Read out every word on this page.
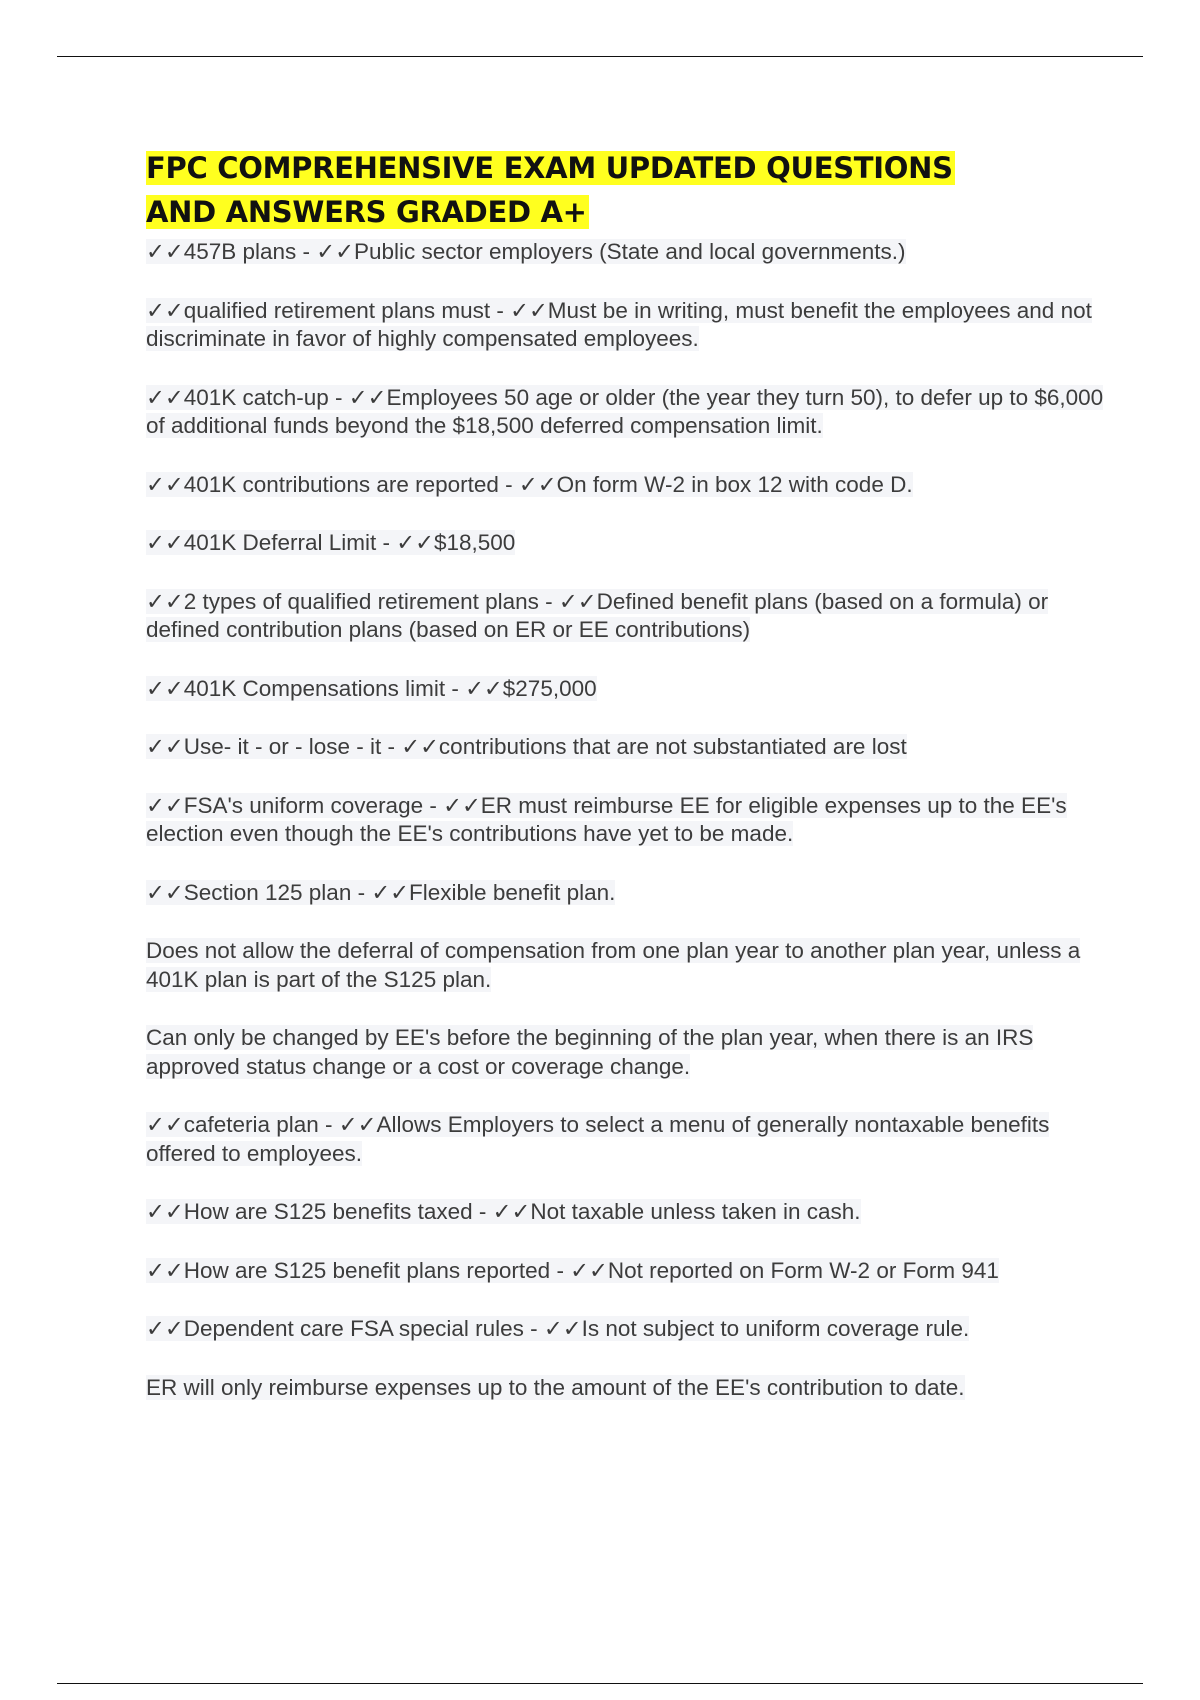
FPC COMPREHENSIVE EXAM UPDATED QUESTIONS
AND ANSWERS GRADED A+

✓✓457B plans - ✓✓Public sector employers (State and local governments.)

✓✓qualified retirement plans must - ✓✓Must be in writing, must benefit the employees and not discriminate in favor of highly compensated employees.

✓✓401K catch-up - ✓✓Employees 50 age or older (the year they turn 50), to defer up to $6,000 of additional funds beyond the $18,500 deferred compensation limit.

✓✓401K contributions are reported - ✓✓On form W-2 in box 12 with code D.

✓✓401K Deferral Limit - ✓✓$18,500

✓✓2 types of qualified retirement plans - ✓✓Defined benefit plans (based on a formula) or defined contribution plans (based on ER or EE contributions)

✓✓401K Compensations limit - ✓✓$275,000

✓✓Use- it - or - lose - it - ✓✓contributions that are not substantiated are lost

✓✓FSA's uniform coverage - ✓✓ER must reimburse EE for eligible expenses up to the EE's election even though the EE's contributions have yet to be made.

✓✓Section 125 plan - ✓✓Flexible benefit plan.

Does not allow the deferral of compensation from one plan year to another plan year, unless a 401K plan is part of the S125 plan.

Can only be changed by EE's before the beginning of the plan year, when there is an IRS approved status change or a cost or coverage change.

✓✓cafeteria plan - ✓✓Allows Employers to select a menu of generally nontaxable benefits offered to employees.

✓✓How are S125 benefits taxed - ✓✓Not taxable unless taken in cash.

✓✓How are S125 benefit plans reported - ✓✓Not reported on Form W-2 or Form 941

✓✓Dependent care FSA special rules - ✓✓Is not subject to uniform coverage rule.

ER will only reimburse expenses up to the amount of the EE's contribution to date.
